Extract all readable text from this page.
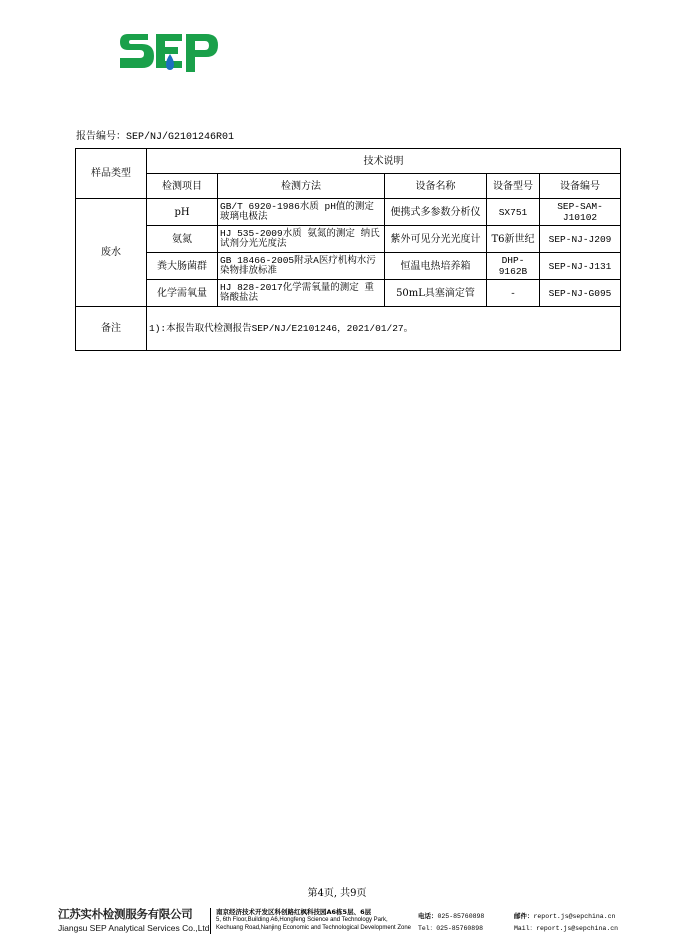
报告编号：SEP/NJ/G2101246R01
样品类型	技术说明				
	检测项目	检测方法	设备名称	设备型号	设备编号
废水	pH	GB/T 6920-1986水质 pH值的测定 玻璃电极法	便携式多参数分析仪	SX751	SEP-SAM-J10102
	氨氮	HJ 535-2009水质 氨氮的测定 纳氏试剂分光光度法	紫外可见分光光度计	T6新世纪	SEP-NJ-J209
	粪大肠菌群	GB 18466-2005附录A医疗机构水污染物排放标准	恒温电热培养箱	DHP-9162B	SEP-NJ-J131
	化学需氧量	HJ 828-2017化学需氧量的测定 重铬酸盐法	50mL具塞滴定管	-	SEP-NJ-G095
备注	1):本报告取代检测报告SEP/NJ/E2101246，2021/01/27。				
第4页, 共9页
江苏实朴检测服务有限公司
Jiangsu SEP Analytical Services Co.,Ltd
南京经济技术开发区科创路红枫科技园A6栋5层、6层
5, 6th Floor,Building A6,Hongfeng Science and Technology Park,
Kechuang Road,Nanjing Economic and Technological Development Zone
电话：025-85760898
Tel：025-85760898
邮件：report.js@sepchina.cn
Mail：report.js@sepchina.cn
